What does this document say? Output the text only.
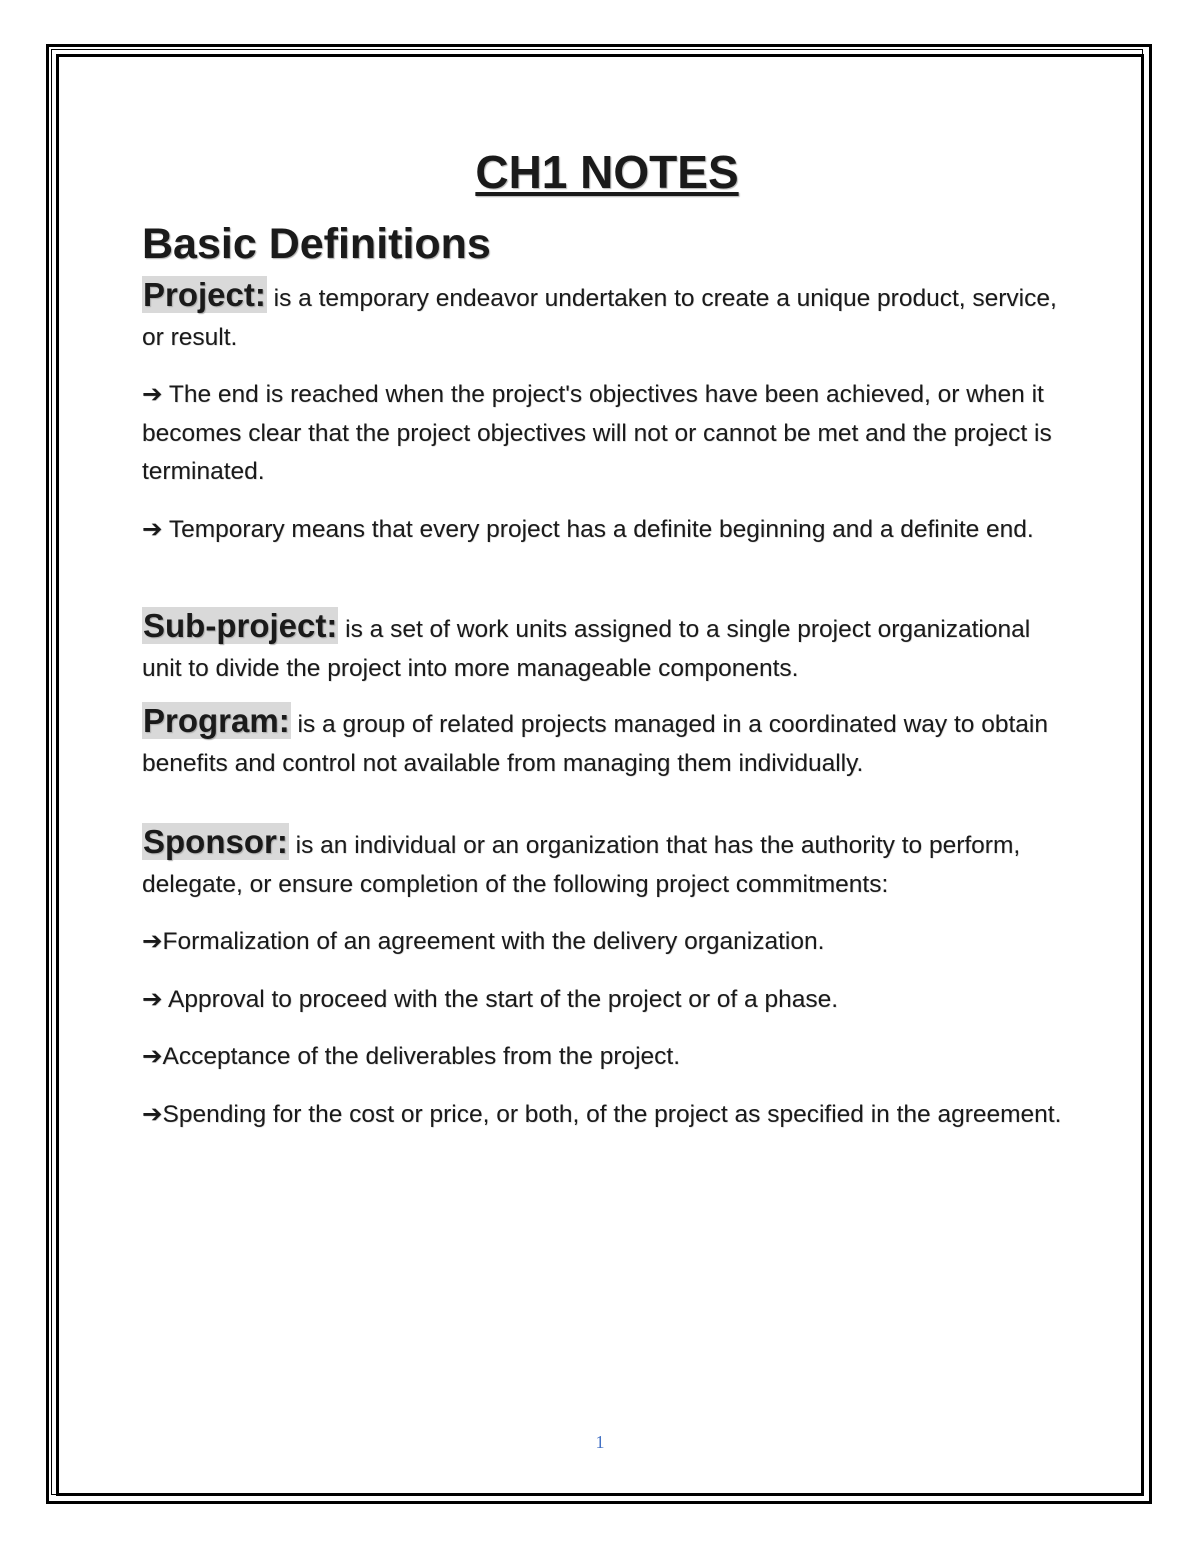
CH1 NOTES
Basic Definitions

Project: is a temporary endeavor undertaken to create a unique product, service, or result.

➔ The end is reached when the project's objectives have been achieved, or when it becomes clear that the project objectives will not or cannot be met and the project is terminated.

➔ Temporary means that every project has a definite beginning and a definite end.

Sub-project: is a set of work units assigned to a single project organizational unit to divide the project into more manageable components.

Program: is a group of related projects managed in a coordinated way to obtain benefits and control not available from managing them individually.

Sponsor: is an individual or an organization that has the authority to perform, delegate, or ensure completion of the following project commitments:

➔Formalization of an agreement with the delivery organization.

➔ Approval to proceed with the start of the project or of a phase.

➔Acceptance of the deliverables from the project.

➔Spending for the cost or price, or both, of the project as specified in the agreement.

1
